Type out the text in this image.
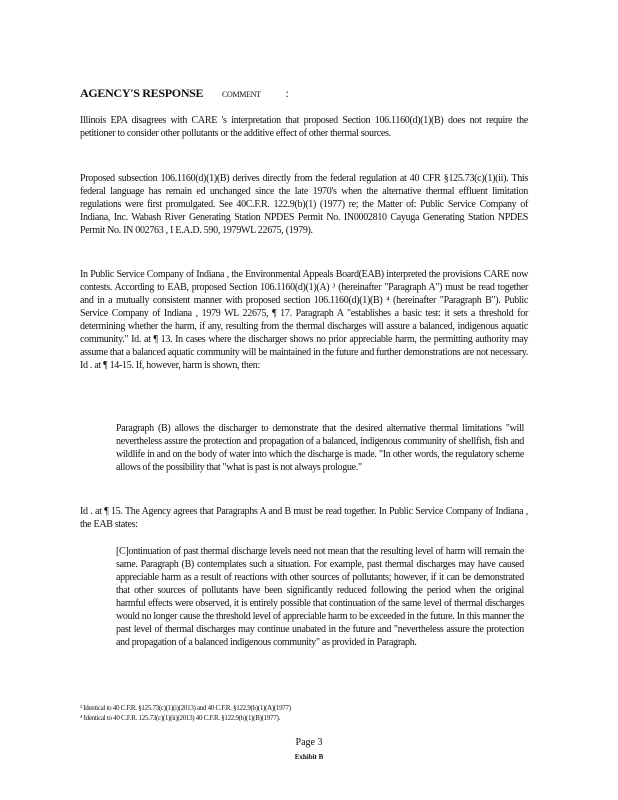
AGENCY'S RESPONSE COMMENT :

Illinois EPA disagrees with CARE 's interpretation that proposed Section 106.1160(d)(1)(B) does not require the petitioner to consider other pollutants or the additive effect of other thermal sources.

Proposed subsection 106.1160(d)(1)(B) derives directly from the federal regulation at 40 CFR §125.73(c)(1)(ii). This federal language has remain ed unchanged since the late 1970's when the alternative thermal effluent limitation regulations were first promulgated. See 40C.F.R. 122.9(b)(1) (1977) re; the Matter of: Public Service Company of Indiana, Inc. Wabash River Generating Station NPDES Permit No. IN0002810 Cayuga Generating Station NPDES Permit No. IN 002763 , I E.A.D. 590, 1979WL 22675, (1979).

In Public Service Company of Indiana , the Environmental Appeals Board(EAB) interpreted the provisions CARE now contests. According to EAB, proposed Section 106.1160(d)(1)(A) ³ (hereinafter "Paragraph A") must be read together and in a mutually consistent manner with proposed section 106.1160(d)(1)(B) ⁴ (hereinafter "Paragraph B"). Public Service Company of Indiana , 1979 WL 22675, ¶ 17. Paragraph A "establishes a basic test: it sets a threshold for determining whether the harm, if any, resulting from the thermal discharges will assure a balanced, indigenous aquatic community." Id. at ¶ 13. In cases where the discharger shows no prior appreciable harm, the permitting authority may assume that a balanced aquatic community will be maintained in the future and further demonstrations are not necessary. Id . at ¶ 14-15. If, however, harm is shown, then:

Paragraph (B) allows the discharger to demonstrate that the desired alternative thermal limitations "will nevertheless assure the protection and propagation of a balanced, indigenous community of shellfish, fish and wildlife in and on the body of water into which the discharge is made. "In other words, the regulatory scheme allows of the possibility that "what is past is not always prologue."

Id . at ¶ 15. The Agency agrees that Paragraphs A and B must be read together. In Public Service Company of Indiana , the EAB states:

[C]ontinuation of past thermal discharge levels need not mean that the resulting level of harm will remain the same. Paragraph (B) contemplates such a situation. For example, past thermal discharges may have caused appreciable harm as a result of reactions with other sources of pollutants; however, if it can be demonstrated that other sources of pollutants have been significantly reduced following the period when the original harmful effects were observed, it is entirely possible that continuation of the same level of thermal discharges would no longer cause the threshold level of appreciable harm to be exceeded in the future. In this manner the past level of thermal discharges may continue unabated in the future and "nevertheless assure the protection and propagation of a balanced indigenous community" as provided in Paragraph.

³ Identical to 40 C.F.R. §125.73(c)(1)(i)(2013) and 40 C.F.R. §122.9(b)(1)(A)(1977)
⁴ Identical to 40 C.F.R. 125.73(c)(1)(ii)(2013) 40 C.F.R. §122.9(b)(1)(B)(1977).
Page 3
Exhibit B
